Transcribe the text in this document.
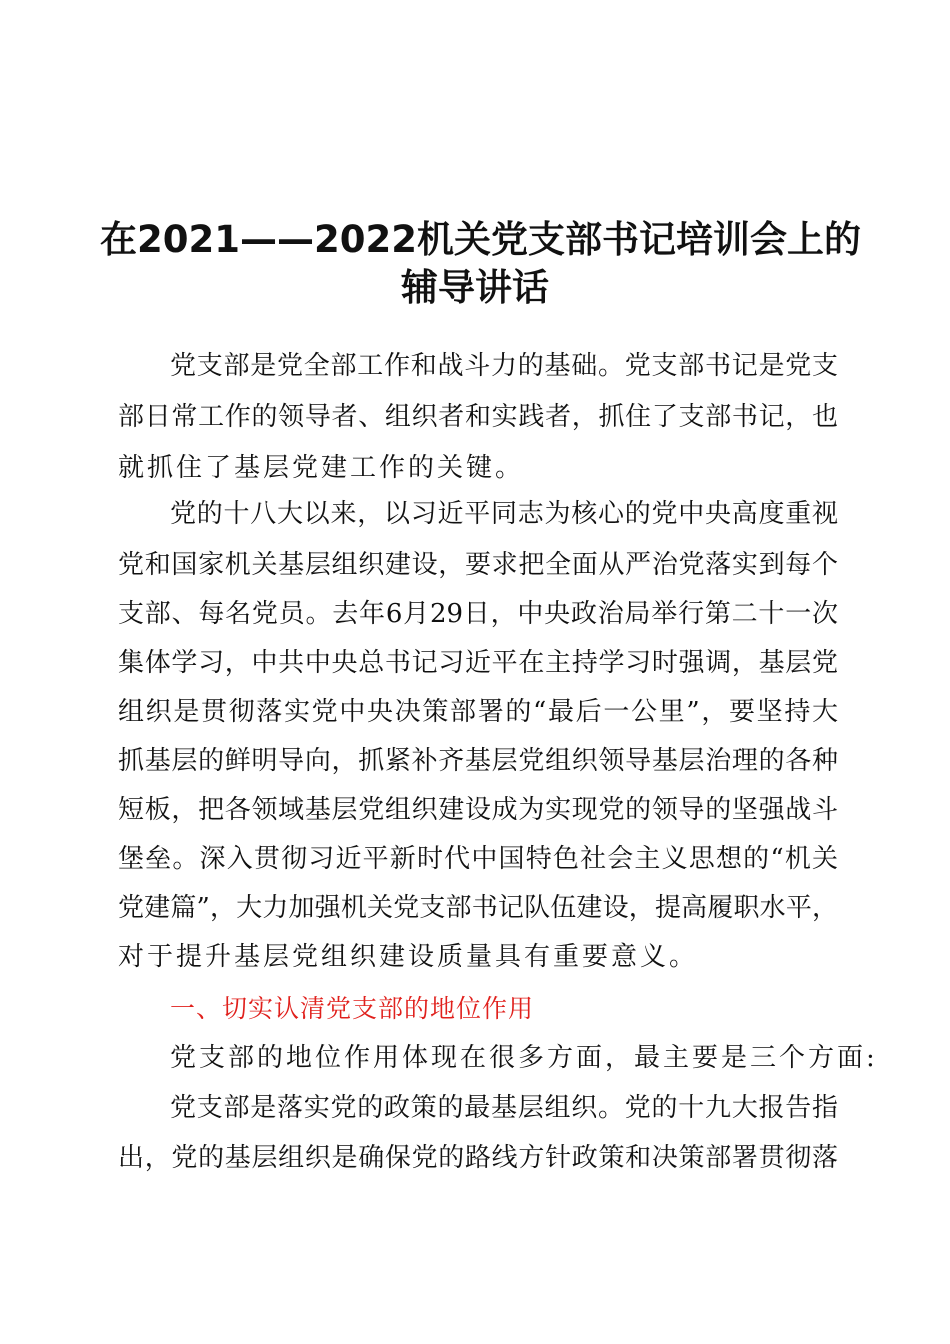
在2021——2022机关党支部书记培训会上的
辅导讲话
党支部是党全部工作和战斗力的基础。党支部书记是党支
部日常工作的领导者、组织者和实践者，抓住了支部书记，也
就抓住了基层党建工作的关键。
党的十八大以来，以习近平同志为核心的党中央高度重视
党和国家机关基层组织建设，要求把全面从严治党落实到每个
支部、每名党员。去年6月29日，中央政治局举行第二十一次
集体学习，中共中央总书记习近平在主持学习时强调，基层党
组织是贯彻落实党中央决策部署的“最后一公里”，要坚持大
抓基层的鲜明导向，抓紧补齐基层党组织领导基层治理的各种
短板，把各领域基层党组织建设成为实现党的领导的坚强战斗
堡垒。深入贯彻习近平新时代中国特色社会主义思想的“机关
党建篇”，大力加强机关党支部书记队伍建设，提高履职水平，
对于提升基层党组织建设质量具有重要意义。
一、切实认清党支部的地位作用
党支部的地位作用体现在很多方面，最主要是三个方面:
党支部是落实党的政策的最基层组织。党的十九大报告指
出，党的基层组织是确保党的路线方针政策和决策部署贯彻落
